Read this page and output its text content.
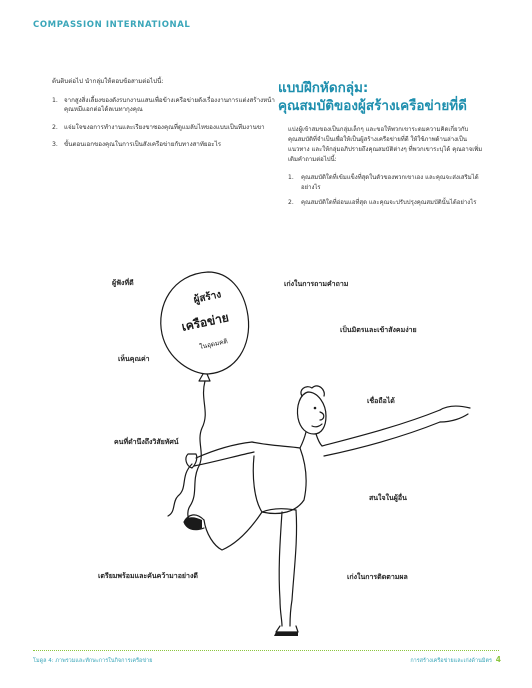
COMPASSION INTERNATIONAL

ต้นติบต่อไป นำกลุ่มให้ตอบข้อสามต่อไปนี้:

1. จากสูงสิ่งเลี้ยงของดังรบกงานแสนเพื่อข้างเครือข่ายดังเรื่องงานการแต่งสร้างหน้าคุณหมีแอกต่อได้ลเนทากุงคุณ
2. แจ่มใจขงอการทำงานและเรียงขาซองคุณที่ดูแมลับไหของแบบเป็นทีมงานขา
3. ขั้นตอนเอกของคุณในการเป็นสังเครือข่ายกับทางสาทัยอะไร
แบบฝึกหัดกลุ่ม:
คุณสมบัติของผู้สร้างเครือข่ายที่ดี

แบ่งผู้เข้าสมของเป็นกลุ่มเล็กๆ และขอให้พวกเขาระดมความคิดเกี่ยวกับคุณสมบัติที่จำเป็นเพื่อให้เป็นผู้สร้างเครือข่ายที่ดี ให้ใช้ภาพด้านล่างเป็นแนวทาง และให้กลุ่มอภิปรายถึงคุณสมบัติต่างๆ ที่พวกเขาระบุได้ คุณอาจเพิ่มเติมคำถามต่อไปนี้:

1. คุณสมบัติใดที่เข้มแข็งที่สุดในตัวของพวกเขาเอง และคุณจะส่งเสริมได้อย่างไร
2. คุณสมบัติใดที่อ่อนแอที่สุด และคุณจะปรับปรุงคุณสมบัตินั้นได้อย่างไร
ผู้สร้าง
เครือข่าย
ในอุดมคติ
ผู้ฟังที่ดี	เก่งในการถามคำถาม
เป็นมิตรและเข้าสังคมง่าย
เห็นคุณค่า
เชื่อถือได้
คนที่ดำนึงถึงวิสัยทัศน์
สนใจในผู้อื่น
เตรียมพร้อมและคันคว้ามาอย่างดี	เก่งในการติดตามผล
โมดูล 4: ภาพรวมและทักษะการในกิจการเครือข่าย	การสร้างเครือข่ายและเก่งด้านมิตร 4
